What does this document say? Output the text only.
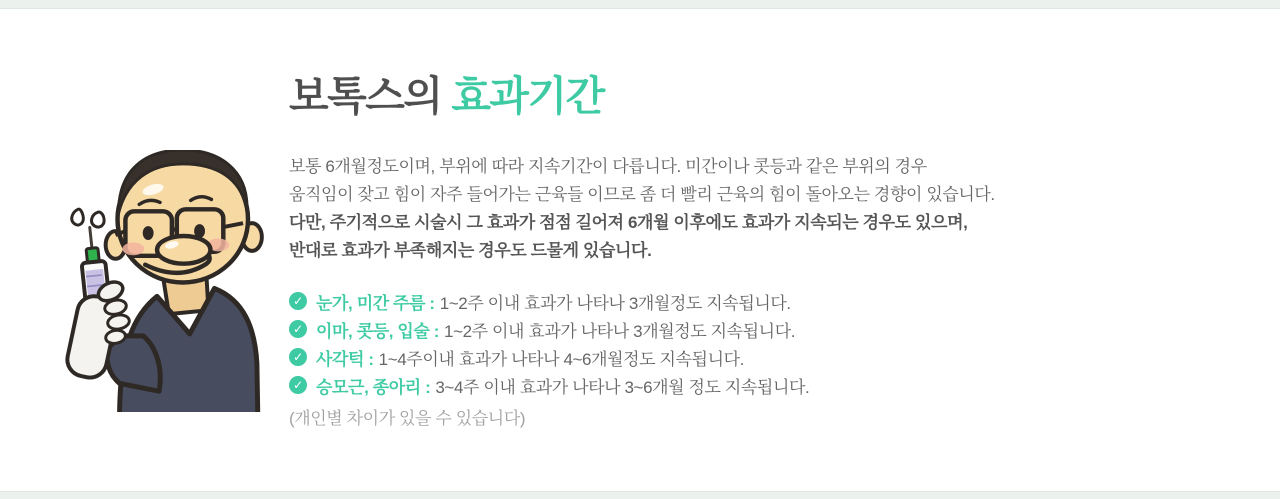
보톡스의 효과기간
보통 6개월정도이며, 부위에 따라 지속기간이 다릅니다. 미간이나 콧등과 같은 부위의 경우
움직임이 잦고 힘이 자주 들어가는 근육들 이므로 좀 더 빨리 근육의 힘이 돌아오는 경향이 있습니다.
다만, 주기적으로 시술시 그 효과가 점점 길어져 6개월 이후에도 효과가 지속되는 경우도 있으며,
반대로 효과가 부족해지는 경우도 드물게 있습니다.
✓ 눈가, 미간 주름 : 1~2주 이내 효과가 나타나 3개월정도 지속됩니다.
✓ 이마, 콧등, 입술 : 1~2주 이내 효과가 나타나 3개월정도 지속됩니다.
✓ 사각턱 : 1~4주이내 효과가 나타나 4~6개월정도 지속됩니다.
✓ 승모근, 종아리 : 3~4주 이내 효과가 나타나 3~6개월 정도 지속됩니다.
(개인별 차이가 있을 수 있습니다)
